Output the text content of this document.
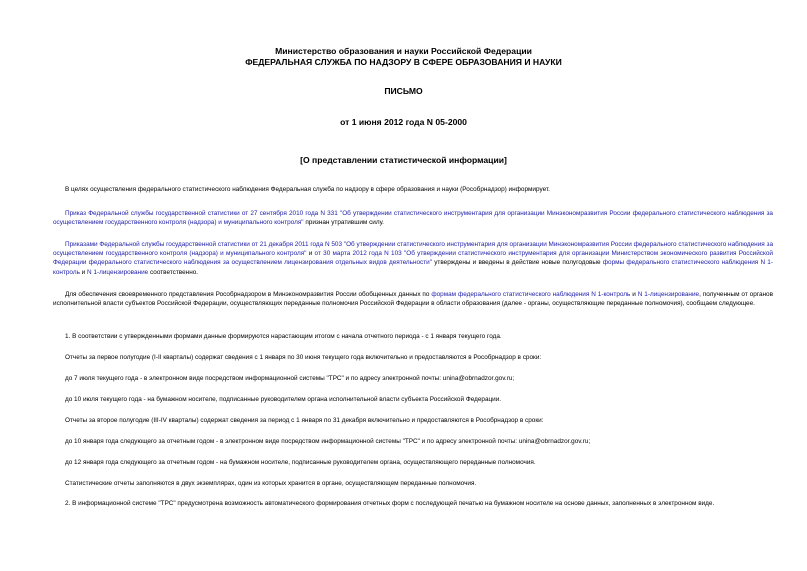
Министерство образования и науки Российской Федерации
ФЕДЕРАЛЬНАЯ СЛУЖБА ПО НАДЗОРУ В СФЕРЕ ОБРАЗОВАНИЯ И НАУКИ
ПИСЬМО
от 1 июня 2012 года N 05-2000
[О представлении статистической информации]

В целях осуществления федерального статистического наблюдения Федеральная служба по надзору в сфере образования и науки (Рособрнадзор) информирует.

Приказ Федеральной службы государственной статистики от 27 сентября 2010 года N 331 "Об утверждении статистического инструментария для организации Минэкономразвития России федерального статистического наблюдения за осуществлением государственного контроля (надзора) и муниципального контроля" признан утратившим силу.

Приказами Федеральной службы государственной статистики от 21 декабря 2011 года N 503 "Об утверждении статистического инструментария для организации Минэкономразвития России федерального статистического наблюдения за осуществлением государственного контроля (надзора) и муниципального контроля" и от 30 марта 2012 года N 103 "Об утверждении статистического инструментария для организации Министерством экономического развития Российской Федерации федерального статистического наблюдения за осуществлением лицензирования отдельных видов деятельности" утверждены и введены в действие новые полугодовые формы федерального статистического наблюдения N 1-контроль и N 1-лицензирование соответственно.

Для обеспечения своевременного представления Рособрнадзором в Минэкономразвития России обобщенных данных по формам федерального статистического наблюдения N 1-контроль и N 1-лицензирование, полученным от органов исполнительной власти субъектов Российской Федерации, осуществляющих переданные полномочия Российской Федерации в области образования (далее - органы, осуществляющие переданные полномочия), сообщаем следующее.

1. В соответствии с утвержденными формами данные формируются нарастающим итогом с начала отчетного периода - с 1 января текущего года.

Отчеты за первое полугодие (I-II кварталы) содержат сведения с 1 января по 30 июня текущего года включительно и предоставляются в Рособрнадзор в сроки:

до 7 июля текущего года - в электронном виде посредством информационной системы "ТРС" и по адресу электронной почты: unina@obrnadzor.gov.ru;

до 10 июля текущего года - на бумажном носителе, подписанные руководителем органа исполнительной власти субъекта Российской Федерации.

Отчеты за второе полугодие (III-IV кварталы) содержат сведения за период с 1 января по 31 декабря включительно и предоставляются в Рособрнадзор в сроки:

до 10 января года следующего за отчетным годом - в электронном виде посредством информационной системы "ТРС" и по адресу электронной почты: unina@obrnadzor.gov.ru;

до 12 января года следующего за отчетным годом - на бумажном носителе, подписанные руководителем органа, осуществляющего переданные полномочия.

Статистические отчеты заполняются в двух экземплярах, один из которых хранится в органе, осуществляющем переданные полномочия.

2. В информационной системе "ТРС" предусмотрена возможность автоматического формирования отчетных форм с последующей печатью на бумажном носителе на основе данных, заполненных в электронном виде.
